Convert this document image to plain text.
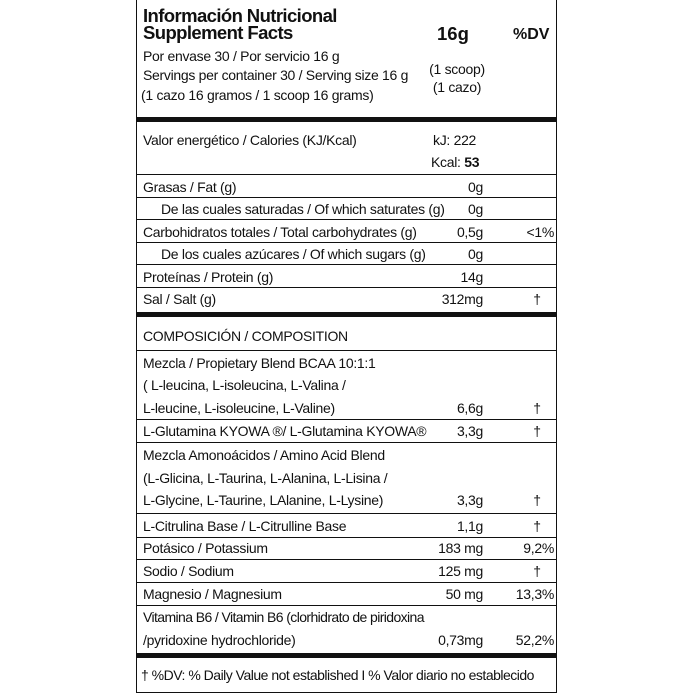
Información Nutricional
Supplement Facts	16g	%DV
Por envase 30 / Por servicio 16 g
Servings per container 30 / Serving size 16 g
(1 cazo 16 gramos / 1 scoop 16 grams)
(1 scoop)
(1 cazo)
Valor energético / Calories (KJ/Kcal)	kJ: 222
Kcal: 53
Grasas / Fat (g)	0g
De las cuales saturadas / Of which saturates (g)	0g
Carbohidratos totales / Total carbohydrates (g)	0,5g	<1%
De los cuales azúcares / Of which sugars (g)	0g
Proteínas / Protein (g)	14g
Sal / Salt (g)	312mg	†
COMPOSICIÓN / COMPOSITION
Mezcla / Propietary Blend BCAA 10:1:1
( L-leucina, L-isoleucina, L-Valina /
L-leucine, L-isoleucine, L-Valine)	6,6g	†
L-Glutamina KYOWA ®/ L-Glutamina KYOWA®	3,3g	†
Mezcla Amonoácidos / Amino Acid Blend
(L-Glicina, L-Taurina, L-Alanina, L-Lisina /
L-Glycine, L-Taurine, LAlanine, L-Lysine)	3,3g	†
L-Citrulina Base / L-Citrulline Base	1,1g	†
Potásico / Potassium	183 mg	9,2%
Sodio / Sodium	125 mg	†
Magnesio / Magnesium	50 mg	13,3%
Vitamina B6 / Vitamin B6 (clorhidrato de piridoxina
/pyridoxine hydrochloride)	0,73mg	52,2%
† %DV: % Daily Value not established I % Valor diario no establecido
